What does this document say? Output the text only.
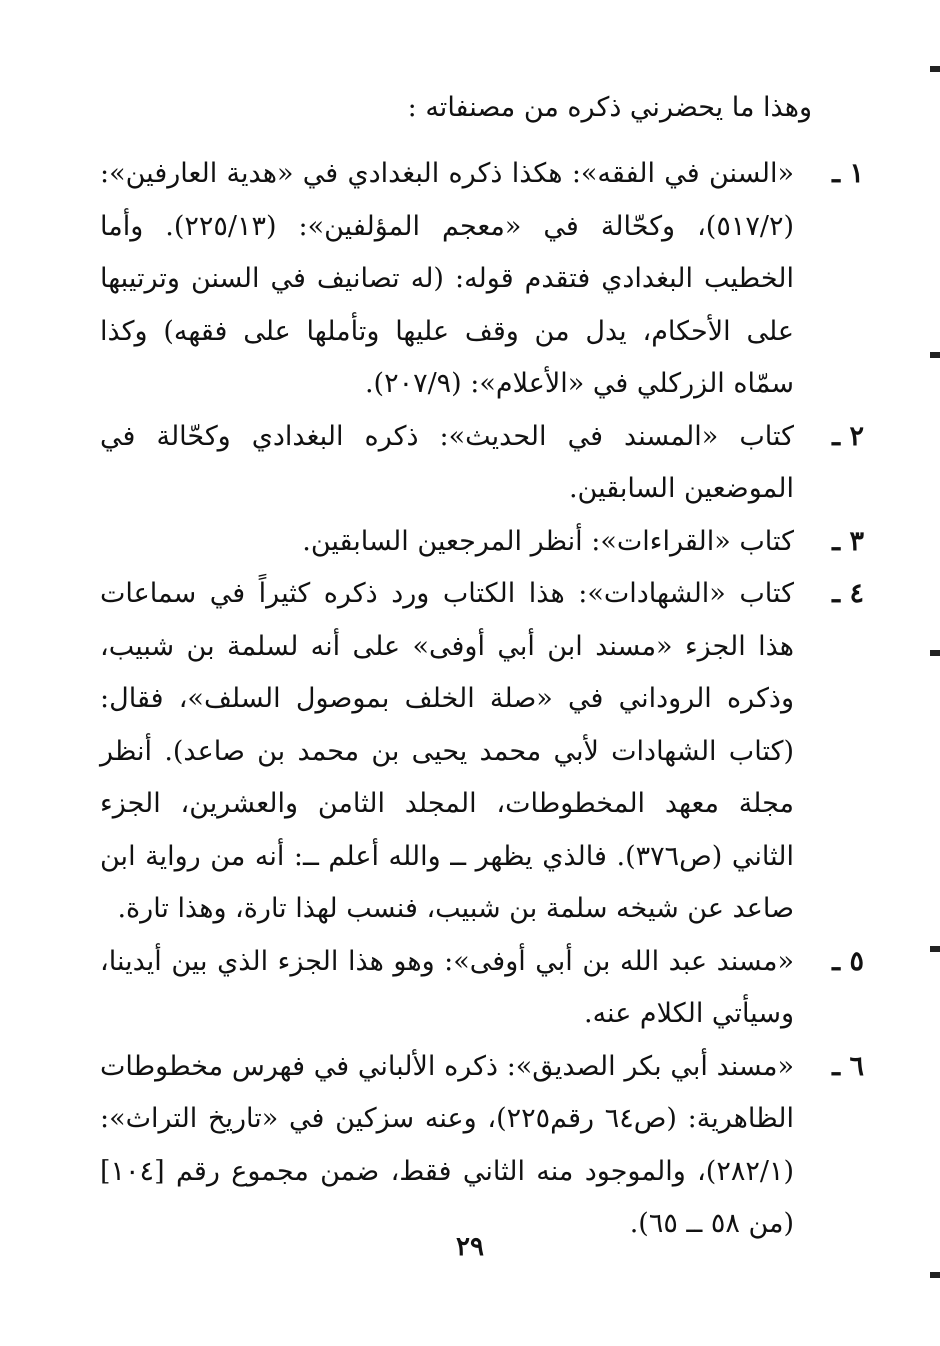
وهذا ما يحضرني ذكره من مصنفاته :
١ ـ
«السنن في الفقه»: هكذا ذكره البغدادي في «هدية العارفين»: (٥١٧/٢)، وكحّالة في «معجم المؤلفين»: (٢٢٥/١٣). وأما الخطيب البغدادي فتقدم قوله: (له تصانيف في السنن وترتيبها على الأحكام، يدل من وقف عليها وتأملها على فقهه) وكذا سمّاه الزركلي في «الأعلام»: (٢٠٧/٩).
٢ ـ
كتاب «المسند في الحديث»: ذكره البغدادي وكحّالة في الموضعين السابقين.
٣ ـ
كتاب «القراءات»: أنظر المرجعين السابقين.
٤ ـ
كتاب «الشهادات»: هذا الكتاب ورد ذكره كثيراً في سماعات هذا الجزء «مسند ابن أبي أوفى» على أنه لسلمة بن شبيب، وذكره الروداني في «صلة الخلف بموصول السلف»، فقال: (كتاب الشهادات لأبي محمد يحيى بن محمد بن صاعد). أنظر مجلة معهد المخطوطات، المجلد الثامن والعشرين، الجزء الثاني (ص٣٧٦). فالذي يظهر ــ والله أعلم ــ: أنه من رواية ابن صاعد عن شيخه سلمة بن شبيب، فنسب لهذا تارة، وهذا تارة.
٥ ـ
«مسند عبد الله بن أبي أوفى»: وهو هذا الجزء الذي بين أيدينا، وسيأتي الكلام عنه.
٦ ـ
«مسند أبي بكر الصديق»: ذكره الألباني في فهرس مخطوطات الظاهرية: (ص٦٤ رقم٢٢٥)، وعنه سزكين في «تاريخ التراث»: (٢٨٢/١)، والموجود منه الثاني فقط، ضمن مجموع رقم [١٠٤] (من ٥٨ ــ ٦٥).
٢٩
